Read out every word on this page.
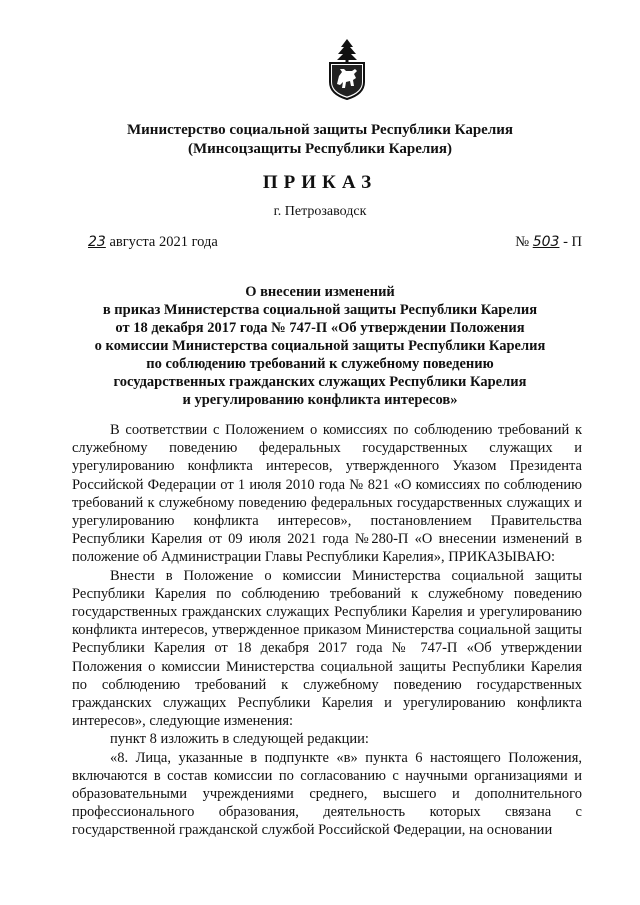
Министерство социальной защиты Республики Карелия
(Минсоцзащиты Республики Карелия)
ПРИКАЗ
г. Петрозаводск
23 августа 2021 года	№ 503 - П
О внесении изменений
в приказ Министерства социальной защиты Республики Карелия
от 18 декабря 2017 года № 747-П «Об утверждении Положения
о комиссии Министерства социальной защиты Республики Карелия
по соблюдению требований к служебному поведению
государственных гражданских служащих Республики Карелия
и урегулированию конфликта интересов»

В соответствии с Положением о комиссиях по соблюдению требований к служебному поведению федеральных государственных служащих и урегулированию конфликта интересов, утвержденного Указом Президента Российской Федерации от 1 июля 2010 года № 821 «О комиссиях по соблюдению требований к служебному поведению федеральных государственных служащих и урегулированию конфликта интересов», постановлением Правительства Республики Карелия от 09 июля 2021 года №280-П «О внесении изменений в положение об Администрации Главы Республики Карелия», ПРИКАЗЫВАЮ:

Внести в Положение о комиссии Министерства социальной защиты Республики Карелия по соблюдению требований к служебному поведению государственных гражданских служащих Республики Карелия и урегулированию конфликта интересов, утвержденное приказом Министерства социальной защиты Республики Карелия от 18 декабря 2017 года № 747-П «Об утверждении Положения о комиссии Министерства социальной защиты Республики Карелия по соблюдению требований к служебному поведению государственных гражданских служащих Республики Карелия и урегулированию конфликта интересов», следующие изменения:

пункт 8 изложить в следующей редакции:

«8. Лица, указанные в подпункте «в» пункта 6 настоящего Положения, включаются в состав комиссии по согласованию с научными организациями и образовательными учреждениями среднего, высшего и дополнительного профессионального образования, деятельность которых связана с государственной гражданской службой Российской Федерации, на основании
